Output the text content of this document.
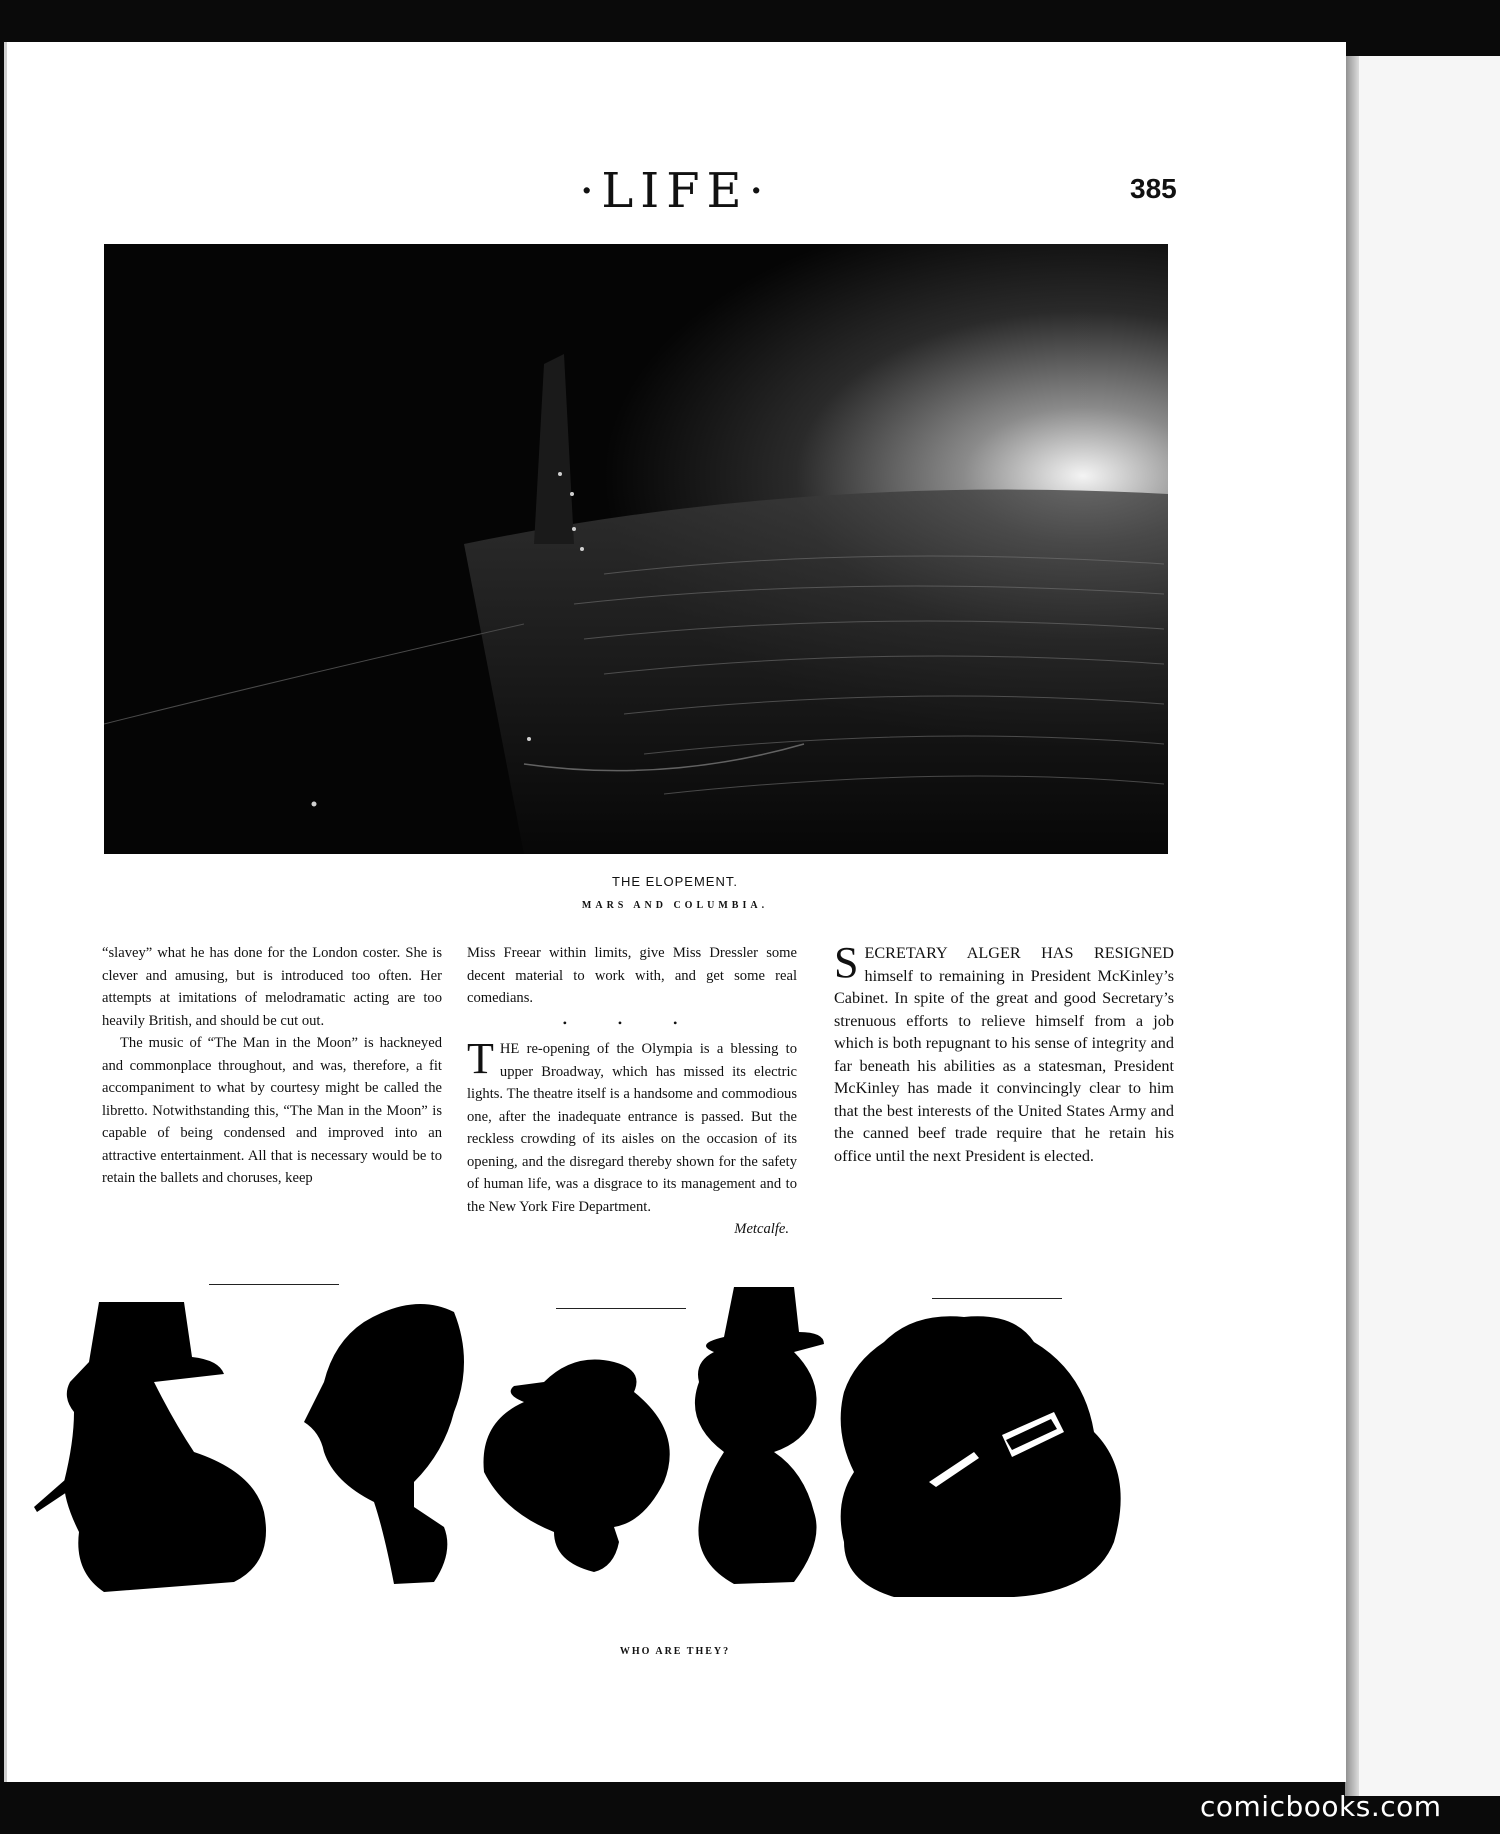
·LIFE·	385
THE ELOPEMENT.
MARS AND COLUMBIA.

“slavey” what he has done for the London coster. She is clever and amusing, but is introduced too often. Her attempts at imitations of melodramatic acting are too heavily British, and should be cut out.

The music of “The Man in the Moon” is hackneyed and commonplace throughout, and was, therefore, a fit accompaniment to what by courtesy might be called the libretto. Notwithstanding this, “The Man in the Moon” is capable of being condensed and improved into an attractive entertainment. All that is necessary would be to retain the ballets and choruses, keep

Miss Freear within limits, give Miss Dressler some decent material to work with, and get some real comedians.

• • •

THE re-opening of the Olympia is a blessing to upper Broadway, which has missed its electric lights. The theatre itself is a handsome and commodious one, after the inadequate entrance is passed. But the reckless crowding of its aisles on the occasion of its opening, and the disregard thereby shown for the safety of human life, was a disgrace to its management and to the New York Fire Department.

Metcalfe.

SECRETARY ALGER HAS RESIGNED himself to remaining in President McKinley’s Cabinet. In spite of the great and good Secretary’s strenuous efforts to relieve himself from a job which is both repugnant to his sense of integrity and far beneath his abilities as a statesman, President McKinley has made it convincingly clear to him that the best interests of the United States Army and the canned beef trade require that he retain his office until the next President is elected.

WHO ARE THEY?
comicbooks.com
